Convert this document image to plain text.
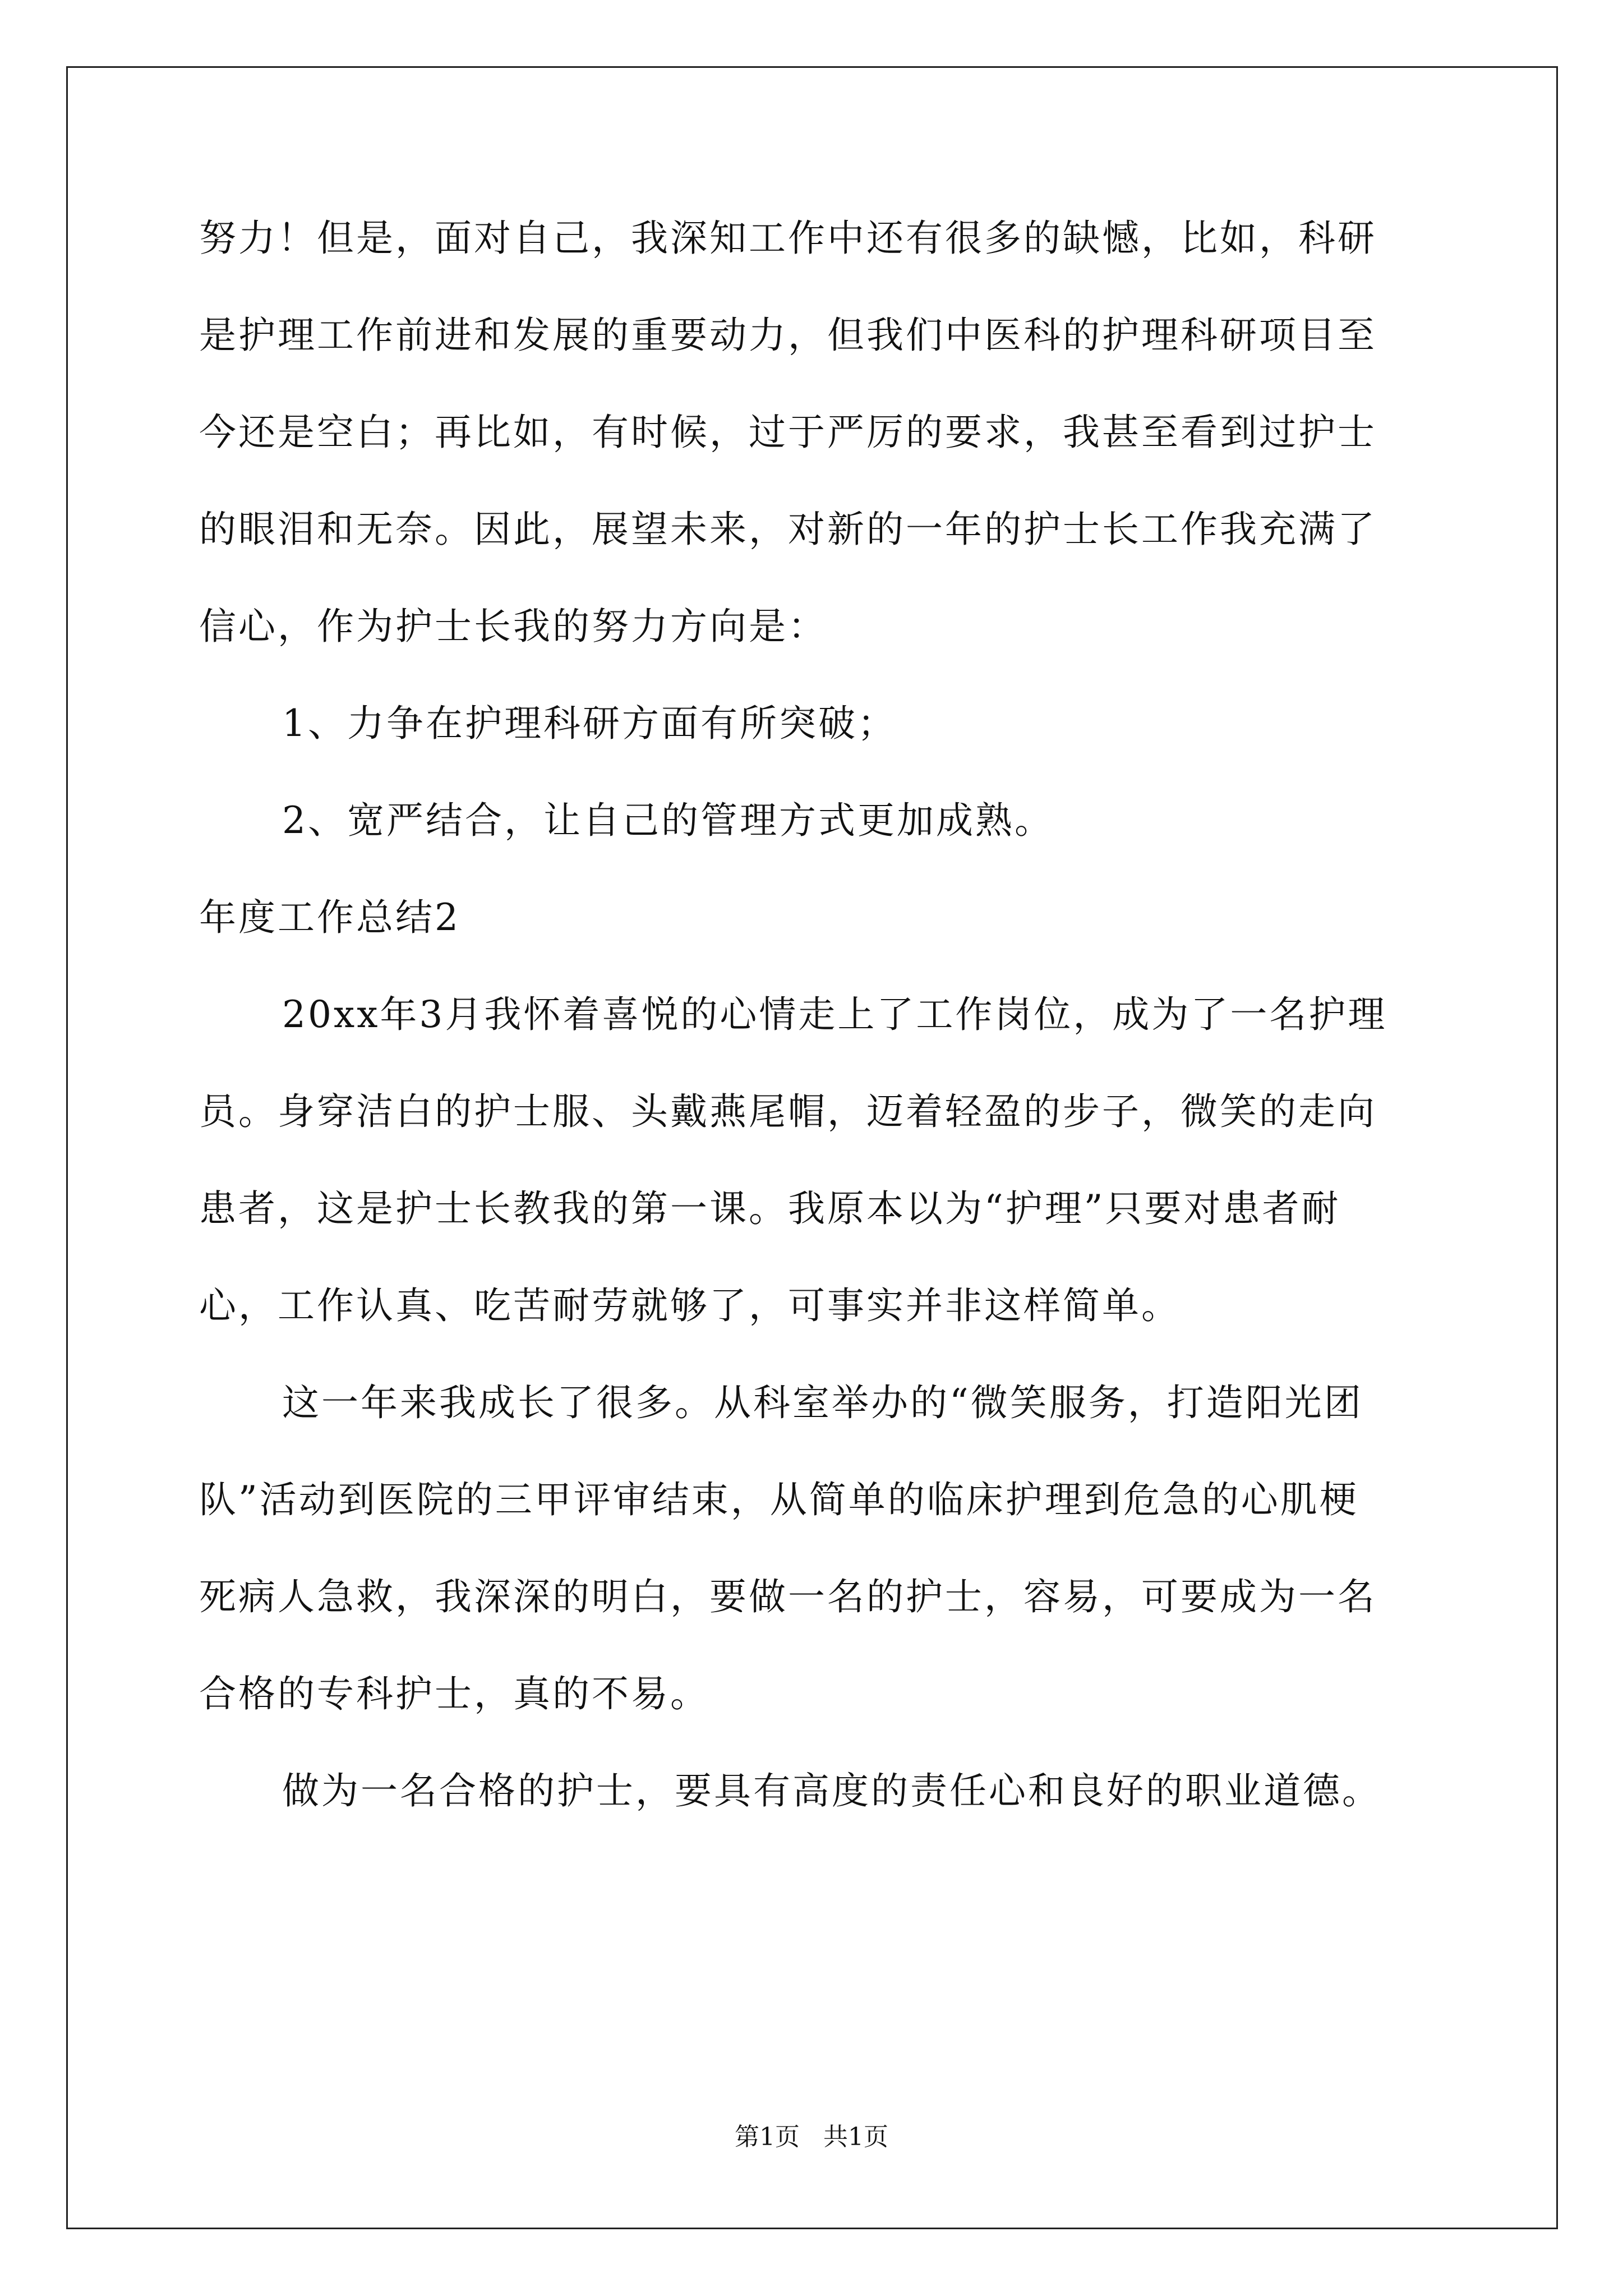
努力！但是，面对自己，我深知工作中还有很多的缺憾，比如，科研
是护理工作前进和发展的重要动力，但我们中医科的护理科研项目至
今还是空白；再比如，有时候，过于严厉的要求，我甚至看到过护士
的眼泪和无奈。因此，展望未来，对新的一年的护士长工作我充满了
信心，作为护士长我的努力方向是：
1、力争在护理科研方面有所突破；
2、宽严结合，让自己的管理方式更加成熟。
年度工作总结2
20xx年3月我怀着喜悦的心情走上了工作岗位，成为了一名护理
员。身穿洁白的护士服、头戴燕尾帽，迈着轻盈的步子，微笑的走向
患者，这是护士长教我的第一课。我原本以为“护理”只要对患者耐
心，工作认真、吃苦耐劳就够了，可事实并非这样简单。
这一年来我成长了很多。从科室举办的“微笑服务，打造阳光团
队”活动到医院的三甲评审结束，从简单的临床护理到危急的心肌梗
死病人急救，我深深的明白，要做一名的护士，容易，可要成为一名
合格的专科护士，真的不易。
做为一名合格的护士，要具有高度的责任心和良好的职业道德。
第1页   共1页
